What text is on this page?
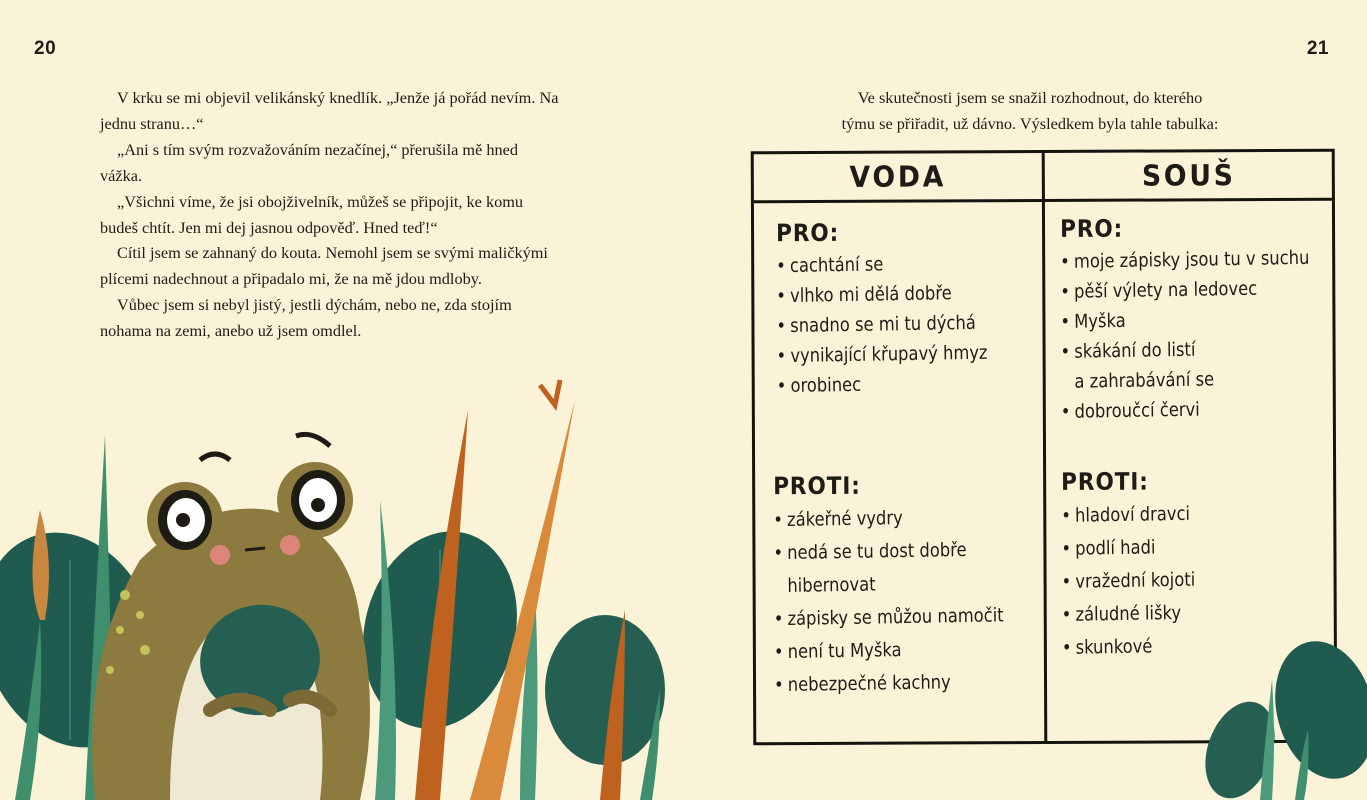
20	21

V krku se mi objevil velikánský knedlík. „Jenže já pořád nevím. Na jednu stranu…“

„Ani s tím svým rozvažováním nezačínej,“ přerušila mě hned vážka.

„Všichni víme, že jsi obojživelník, můžeš se připojit, ke komu budeš chtít. Jen mi dej jasnou odpověď. Hned teď!“

Cítil jsem se zahnaný do kouta. Nemohl jsem se svými maličkými plícemi nadechnout a připadalo mi, že na mě jdou mdloby.

Vůbec jsem si nebyl jistý, jestli dýchám, nebo ne, zda stojím nohama na zemi, anebo už jsem omdlel.

Ve skutečnosti jsem se snažil rozhodnout, do kterého
týmu se přiřadit, už dávno. Výsledkem byla tahle tabulka:
VODA	SOUŠ
PRO:
• cachtání se
• vlhko mi dělá dobře
• snadno se mi tu dýchá
• vynikající křupavý hmyz
• orobinec
PROTI:
• zákeřné vydry
• nedá se tu dost dobře
hibernovat
• zápisky se můžou namočit
• není tu Myška
• nebezpečné kachny
PRO:
• moje zápisky jsou tu v suchu
• pěší výlety na ledovec
• Myška
• skákání do listí
a zahrabávání se
• dobroučcí červi
PROTI:
• hladoví dravci
• podlí hadi
• vražední kojoti
• záludné lišky
• skunkové
